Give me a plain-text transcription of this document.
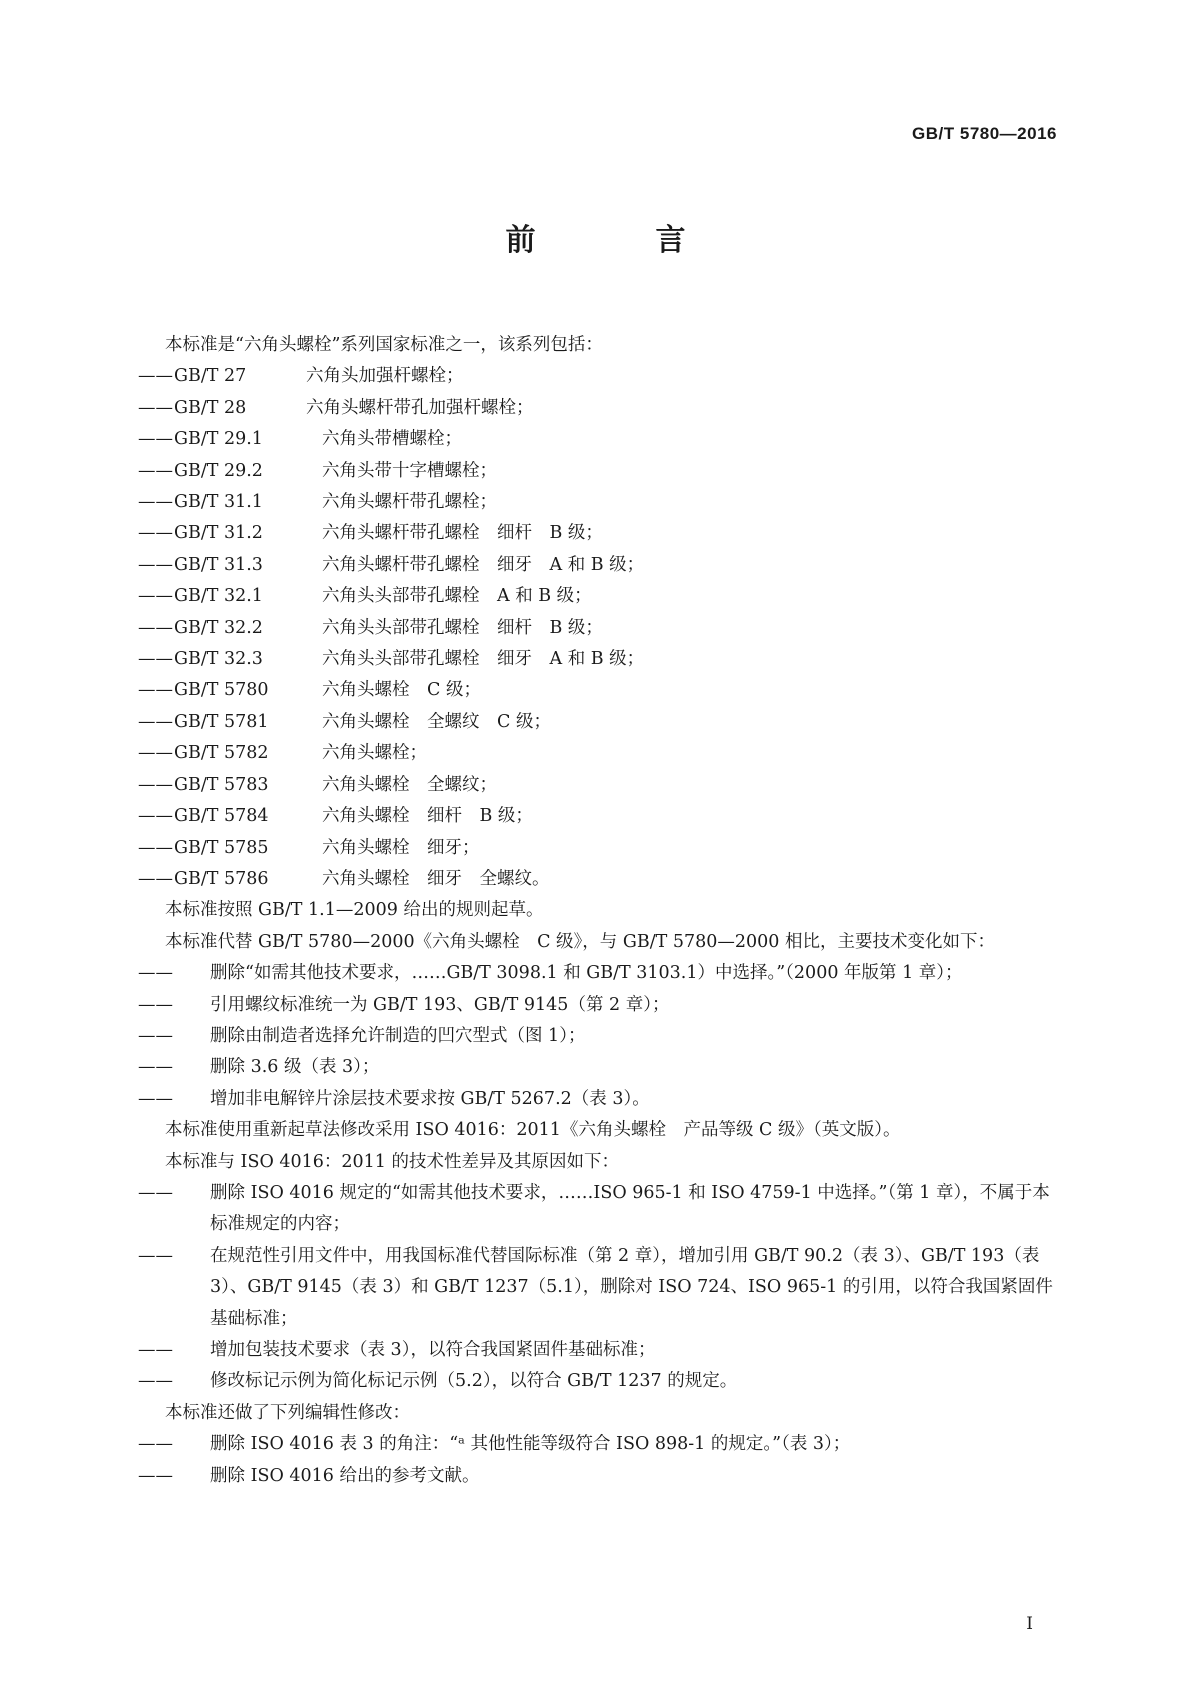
GB/T 5780—2016
前　言

本标准是“六角头螺栓”系列国家标准之一，该系列包括：

——GB/T 27	六角头加强杆螺栓；

——GB/T 28	六角头螺杆带孔加强杆螺栓；

——GB/T 29.1	六角头带槽螺栓；

——GB/T 29.2	六角头带十字槽螺栓；

——GB/T 31.1	六角头螺杆带孔螺栓；

——GB/T 31.2	六角头螺杆带孔螺栓　细杆　B 级；

——GB/T 31.3	六角头螺杆带孔螺栓　细牙　A 和 B 级；

——GB/T 32.1	六角头头部带孔螺栓　A 和 B 级；

——GB/T 32.2	六角头头部带孔螺栓　细杆　B 级；

——GB/T 32.3	六角头头部带孔螺栓　细牙　A 和 B 级；

——GB/T 5780	六角头螺栓　C 级；

——GB/T 5781	六角头螺栓　全螺纹　C 级；

——GB/T 5782	六角头螺栓；

——GB/T 5783	六角头螺栓　全螺纹；

——GB/T 5784	六角头螺栓　细杆　B 级；

——GB/T 5785	六角头螺栓　细牙；

——GB/T 5786	六角头螺栓　细牙　全螺纹。

本标准按照 GB/T 1.1—2009 给出的规则起草。

本标准代替 GB/T 5780—2000《六角头螺栓　C 级》，与 GB/T 5780—2000 相比，主要技术变化如下：

—— 删除“如需其他技术要求，……GB/T 3098.1 和 GB/T 3103.1）中选择。”（2000 年版第 1 章）；

—— 引用螺纹标准统一为 GB/T 193、GB/T 9145（第 2 章）；

—— 删除由制造者选择允许制造的凹穴型式（图 1）；

—— 删除 3.6 级（表 3）；

—— 增加非电解锌片涂层技术要求按 GB/T 5267.2（表 3）。

本标准使用重新起草法修改采用 ISO 4016：2011《六角头螺栓　产品等级 C 级》（英文版）。

本标准与 ISO 4016：2011 的技术性差异及其原因如下：

—— 删除 ISO 4016 规定的“如需其他技术要求，……ISO 965-1 和 ISO 4759-1 中选择。”（第 1 章），不属于本标准规定的内容；

—— 在规范性引用文件中，用我国标准代替国际标准（第 2 章），增加引用 GB/T 90.2（表 3）、GB/T 193（表 3）、GB/T 9145（表 3）和 GB/T 1237（5.1），删除对 ISO 724、ISO 965-1 的引用，以符合我国紧固件基础标准；

—— 增加包装技术要求（表 3），以符合我国紧固件基础标准；

—— 修改标记示例为简化标记示例（5.2），以符合 GB/T 1237 的规定。

本标准还做了下列编辑性修改：

—— 删除 ISO 4016 表 3 的角注：“ᵃ 其他性能等级符合 ISO 898-1 的规定。”（表 3）；

—— 删除 ISO 4016 给出的参考文献。

I
